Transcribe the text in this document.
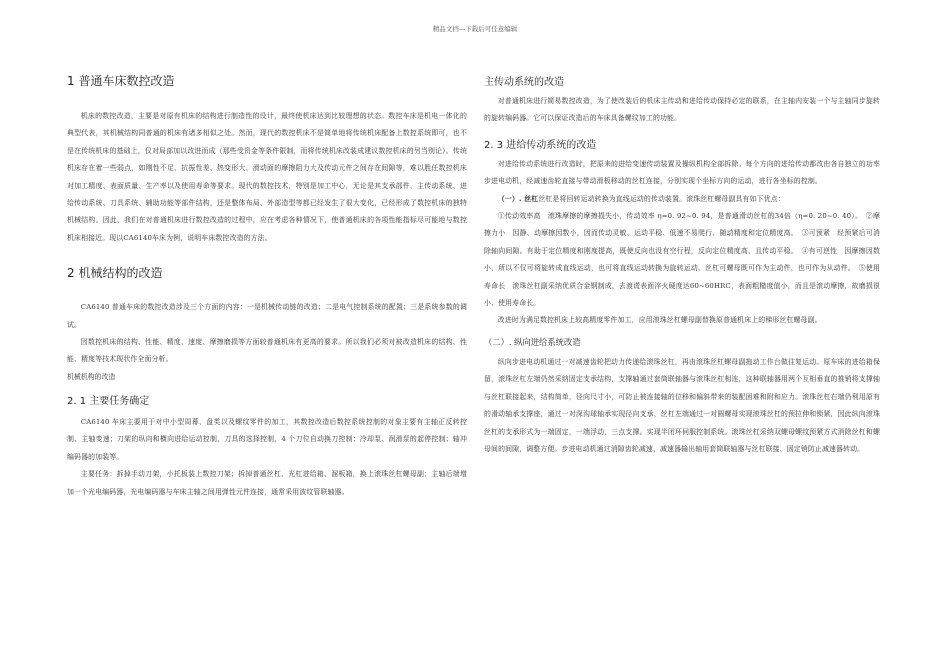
精品文档---下载后可任意编辑
1 普通车床数控改造

机床的数控改造，主要是对原有机床的结构进行制造性的设计，最终使机床达到比较理想的状态。数控车床是机电一体化的典型代表，其机械结构同普通的机床有诸多相似之处。然而，现代的数控机床不是简单地将传统机床配备上数控系统即可，也不是在传统机床的基础上，仅对局部加以改进而成（那些受资金等条件限制，而将传统机床改装成建议数控机床的另当别论）。传统机床存在着一些弱点，如刚性不足、抗振性差、热变形大、滑动面的摩擦阻力大及传动元件之间存在间隙等，难以胜任数控机床对加工精度、表面质量、生产率以及使用寿命等要求。现代的数控技术，特别是加工中心，无论是其支承部件、主传动系统、进给传动系统、刀具系统、辅助功能等部件结构，还是整体布局、外部造型等都已经发生了很大变化，已经形成了数控机床的独特机械结构。因此，我们在对普通机床进行数控改造的过程中，应在考虑各种情况下，使普通机床的各项性能指标尽可能地与数控机床相接近。现以CA6140车床为例，说明车床数控改造的方法。

2 机械结构的改造

CA6140 普通车床的数控改造涉及三个方面的内容：一是机械传动链的改造；二是电气控制系统的配置；三是系统参数的调试。

因数控机床的结构、性能、精度、速度、摩擦磨损等方面较普通机床有更高的要求。所以我们必须对被改造机床的结构、性能、精度等技术现状作全面分析。

机械机构的改造

2. 1 主要任务确定

CA6140 车床主要用于对中小型周幕、盘类以及螺纹零件的加工，其数控改造后数控系统控制的对象主要有主轴正反转控制、主轴变速；刀架的纵向和横向进给运动控制，刀具的选择控制，4 个刀位自动换刀控制；冷却泵、润滑泵的起停控制；轴冲编码器的加装等。

主要任务：拆掉手动刀架，小托板装上数控刀架；拆掉普通丝杠、光杠进给箱、溜板箱，换上滚珠丝杠螺母副；主轴后端增加一个光电编码器，光电编码器与车床主轴之间用弹性元件连接，通常采用波纹管联轴器。

主传动系统的改造

对普通机床进行简易数控改造，为了使改装后的机床主传动和进给传动保持必定的联系，在主轴内安装一个与主轴同步旋转的旋转编码器。它可以保证改造后的车床具备螺纹加工的功能。

2. 3 进给传动系统的改造

对进给传动系统进行改造时，把原来的进给变速传动装置及操纵机构全部拆除。每个方向的进给传动都改由各自独立的功率步进电动机，经减速齿轮直接与带动滑板移动的丝杠连接，分别实现个坐标方向的运动，进行各坐标的控制。

（一）. 丝杠丝杠是将回转运动转换为直线运动的传动装置。滚珠丝杠螺母副具有如下优点：

①传动效率高　滚珠摩擦的摩擦损失小，传动效率 η=0. 92~0. 94，是普通滑动丝杠的34倍（η=0. 20~0. 40）。　②摩擦力小　因静、动摩擦因数小，因而传动灵敏、运动平稳、低速不易爬行、随动精度和定位精度高。　③可预紧　经预紧后可消除轴向间隙。有助于定位精度和刚度提高，既使反向也没有空行程，反向定位精度高，且传动平稳。　④有可逆性　因摩擦因数小，所以不仅可将旋转成直线运动，也可将直线运动转换为旋转运动，丝杠可螺母既可作为主动件，也可作为从动件。　⑤使用寿命长　滚珠丝杠副采纳优质合金钢制成，去渡谎表面淬火硬度达60~60HRC，表面粗糙度值小，而且是滚动摩擦，故磨损很小、使用寿命长。

改进时为满足数控机床上较高精度零件加工，应用滚珠丝杠螺母副替换原普通机床上的梯形丝杠螺母副。

（二）. 纵向进给系统改造

纵向步进电动机通过一对减速齿轮把动力传递给滚珠丝杠，再由滚珠丝杠螺母副拖动工作台做往复运动。原车床的进给箱保留，滚珠丝杠左端仍然采纳固定支承结构，支撑轴通过套筒联轴器与滚珠丝杠相连，这种联轴器用两个互相垂直的推销将支撑轴与丝杠联接起来，结构简单，径向尺寸小，可防止被连接轴的位移和偏斜带来的装配困难和附和应力。滚珠丝杠右端仍利用原有的滑动轴承支撑座，通过一对深沟球轴承实现径向支承，丝杠左端通过一对圆螺母实现滚珠丝杠的预拉伸和锁紧，因此纵向滚珠丝杠的支承形式为一端固定，一端浮动，三点支撑。实现半闭环伺服控制系统。滚珠丝杠采纳双螺母螺纹预紧方式消除丝杠和螺母间的间隙，调整方便。步进电动机通过消隙齿轮减速，减速器输出轴用套筒联轴器与丝杠联接，固定销防止减速器转动。
